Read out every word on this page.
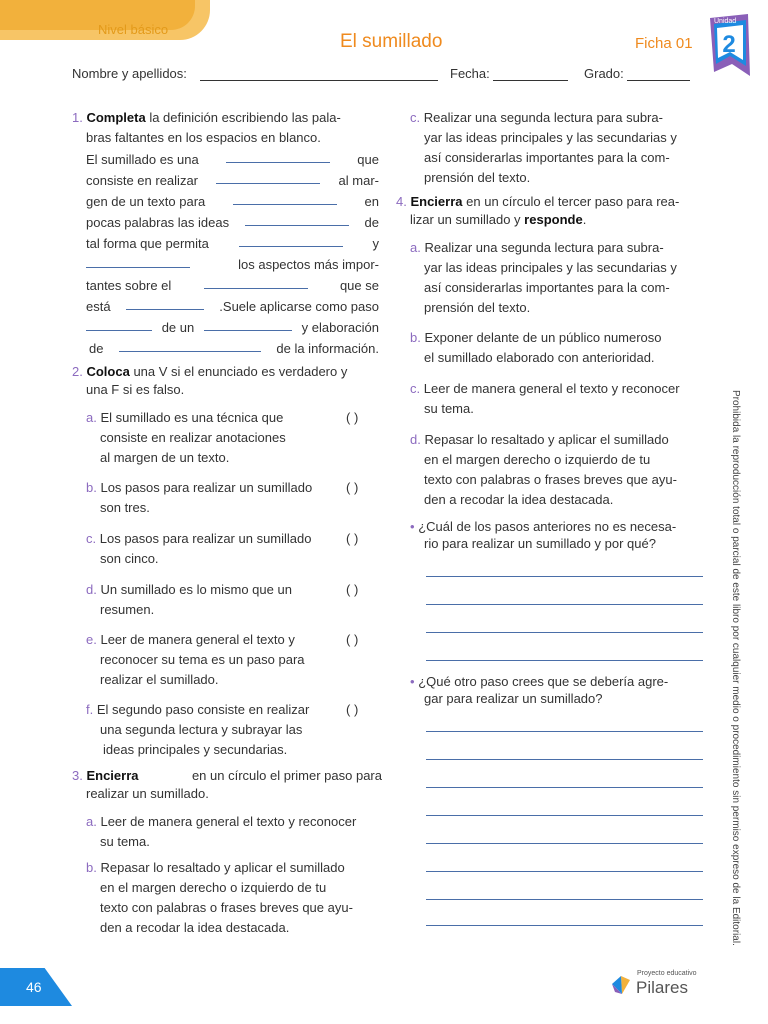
Nivel básico
El sumillado	Ficha 01 2
Unidad
Nombre y apellidos:	Fecha:	Grado:
1. Completa la definición escribiendo las pala-
bras faltantes en los espacios en blanco.
El sumillado es una	que
consiste en realizar	al mar-
gen de un texto para	en
pocas palabras las ideas	de
tal forma que permita	y
los aspectos más impor-
tantes sobre el	que se
está	.Suele aplicarse como paso
de un	y elaboración
de	de la información.
2. Coloca una V si el enunciado es verdadero y
una F si es falso.
a. El sumillado es una técnica que
consiste en realizar anotaciones
al margen de un texto.
( )
b. Los pasos para realizar un sumillado
son tres.
( )
c. Los pasos para realizar un sumillado
son cinco.
( )
d. Un sumillado es lo mismo que un
resumen.
( )
e. Leer de manera general el texto y
reconocer su tema es un paso para
realizar el sumillado.
( )
f. El segundo paso consiste en realizar
una segunda lectura y subrayar las
ideas principales y secundarias.
( )
3. Encierra	en un círculo el primer paso para
realizar un sumillado.
a. Leer de manera general el texto y reconocer
su tema.
b. Repasar lo resaltado y aplicar el sumillado
en el margen derecho o izquierdo de tu
texto con palabras o frases breves que ayu-
den a recodar la idea destacada.
c. Realizar una segunda lectura para subra-
yar las ideas principales y las secundarias y
así considerarlas importantes para la com-
prensión del texto.
4. Encierra en un círculo el tercer paso para rea-
lizar un sumillado y responde.
a. Realizar una segunda lectura para subra-
yar las ideas principales y las secundarias y
así considerarlas importantes para la com-
prensión del texto.
b. Exponer delante de un público numeroso
el sumillado elaborado con anterioridad.
c. Leer de manera general el texto y reconocer
su tema.
d. Repasar lo resaltado y aplicar el sumillado
en el margen derecho o izquierdo de tu
texto con palabras o frases breves que ayu-
den a recodar la idea destacada.
• ¿Cuál de los pasos anteriores no es necesa-
rio para realizar un sumillado y por qué?
• ¿Qué otro paso crees que se debería agre-
gar para realizar un sumillado?	Prohibida la reproducción total o parcial de este libro por cualquier medio o procedimiento sin permiso expreso de la Editorial.
46
Proyecto educativo
Pilares
